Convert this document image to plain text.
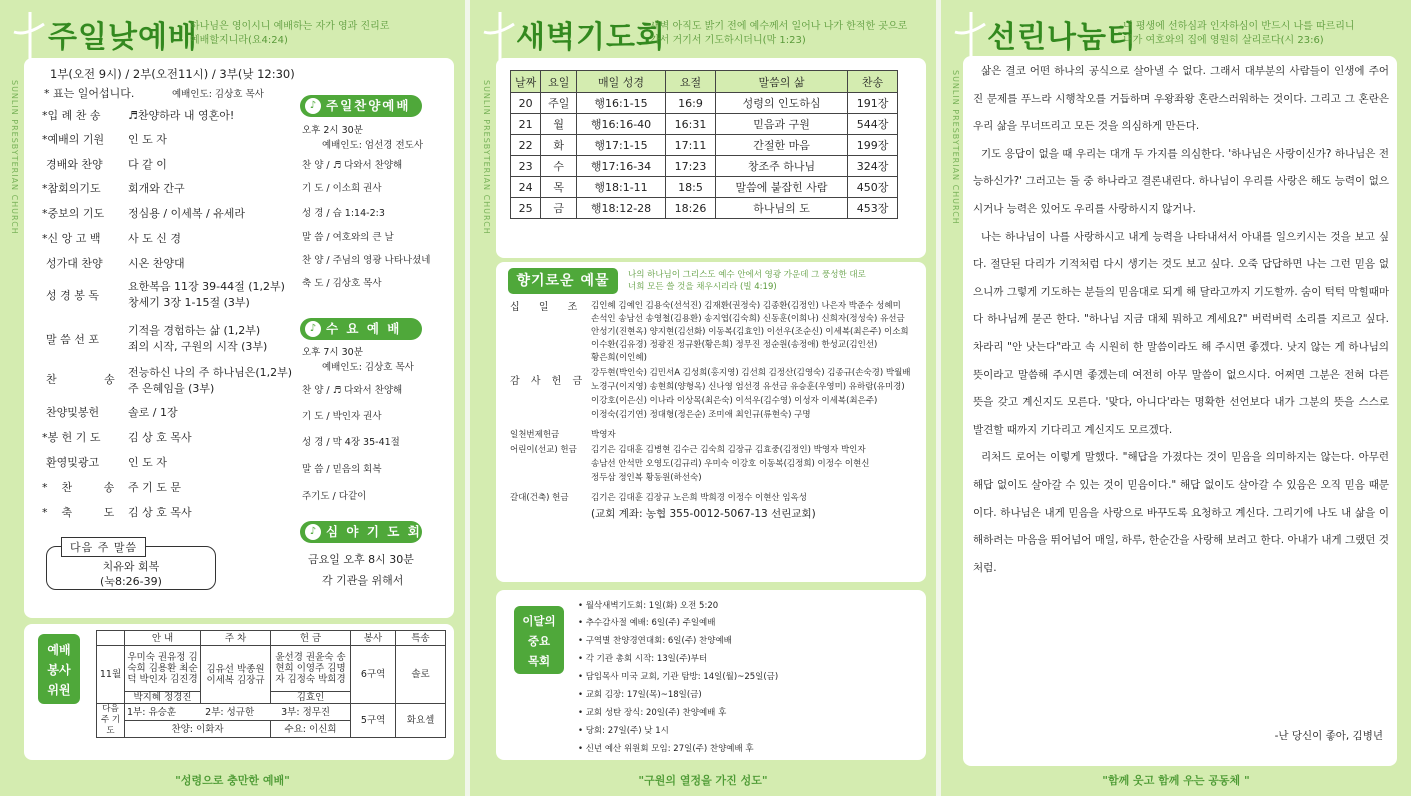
주일낮예배
하나님은 영이시니 예배하는 자가 영과 진리로
예배할지니라(요4:24)
SUNLIN PRESBYTERIAN CHURCH
1부(오전 9시) / 2부(오전11시) / 3부(낮 12:30)
* 표는 일어섭니다.	예배인도: 김상호 목사
*입 례 찬 송	♬찬양하라 내 영혼아!
*예배의 기원 인 도 자
경배와 찬양 다 같 이
*참회의기도 회개와 간구
*중보의 기도 정심용 / 이세복 / 유세라
*신 앙 고 백	사 도 신 경
성가대 찬양 시온 찬양대
성 경 봉 독
요한복음 11장 39-44절 (1,2부)
창세기 3장 1-15절 (3부)
말 씀 선 포
기적을 경험하는 삶 (1,2부)
죄의 시작, 구원의 시작 (3부)
찬 송
전능하신 나의 주 하나님은(1,2부)
주 은혜임을 (3부)
찬양및봉헌	솔로 / 1장
*봉 헌 기 도	김 상 호 목사
환영및광고	인 도 자
*찬 송 주 기 도 문
*축 도 김 상 호 목사
다음 주 말씀
치유와 회복
(눅8:26-39)
♪ 주일찬양예배
오후 2시 30분
예배인도: 엄선경 전도사
찬 양 / ♬ 다와서 찬양해
기 도 / 이소희 권사
성 경 / 습 1:14-2:3
말 씀 / 여호와의 큰 날
찬 양 / 주님의 영광 나타나셨네
축 도 / 김상호 목사
♪ 수 요 예 배
오후 7시 30분
예배인도: 김상호 목사
찬 양 / ♬ 다와서 찬양해
기 도 / 박인자 권사
성 경 / 막 4장 35-41절
말 씀 / 믿음의 회복
주기도 / 다같이
♪ 심 야 기 도 회
금요일 오후 8시 30분
각 기관을 위해서
예배
봉사
위원
	안 내	주 차	헌 금	봉사	특송
11월	우미숙 권유정 김숙희 김용환 최순덕 박인자 김진경	김유선 박종원 이세복 김장규	윤선경 권윤숙 송현희 이영주 김명자 김정숙 박희경	6구역	솔로
	박지혜 정경진		김효인		
다음주 기 도	1부: 유승훈 2부: 성규한 3부: 정무진			5구역	화요셀
	찬양: 이화자		수요: 이신희		
"성령으로 충만한 예배"
새벽기도회
새벽 아직도 밝기 전에 예수께서 일어나 나가 한적한 곳으로
가서 거기서 기도하시더니(막 1:23)
SUNLIN PRESBYTERIAN CHURCH 날짜	요일	매일 성경	요절	말씀의 삶	찬송
20	주일	행16:1-15	16:9	성령의 인도하심	191장
21	월	행16:16-40	16:31	믿음과 구원	544장
22	화	행17:1-15	17:11	간절한 마음	199장
23	수	행17:16-34	17:23	창조주 하나님	324장
24	목	행18:1-11	18:5	말씀에 붙잡힌 사람	450장
25	금	행18:12-28	18:26	하나님의 도	453장
향기로운 예물	나의 하나님이 그리스도 예수 안에서 영광 가운데 그 풍성한 대로
너희 모든 쓸 것을 채우시리라 (빌 4:19)
십 일 조 김인혜 김예인 김용숙(선석진) 김재환(권정숙) 김종환(김정인) 나은자 박준수 성혜미
손석인 송남선 송영철(김용환) 송지엽(김숙희) 신동훈(이희나) 신희자(정성숙) 유선금
안성기(진현옥) 양지현(김선화) 이동복(김효인) 이선우(조순신) 이세복(최은주) 이소희
이수환(김유경) 정광진 정규환(황은희) 정무진 정순원(송정애) 한성교(김인선)
황은희(이인혜)
감 사 헌 금
강두현(박인숙) 김민서A 김성희(홍지영) 김선희 김정산(김영숙) 김종규(손숙경) 박월배
노경구(이지영) 송현희(양형옥) 신나영 엄선경 유선금 유승훈(우영미) 유하람(유미경)
이강호(이은신) 이나라 이상목(최은숙) 이석우(김수영) 이성자 이세복(최은주)
이정숙(김기연) 정대형(정은순) 조미애 최인규(류현숙) 구명
일천번제헌금	박영자
어린이(선교) 헌금 김기은 김대훈 김병현 김수근 김숙희 김장규 김효중(김정인) 박영자 박인자
송남선 안석만 오영도(김규리) 우미숙 이강호 이동복(김정희) 이정수 이현신
정두삼 정인복 황동원(하선숙)
갈대(건축) 헌금	김기은 김대훈 김장규 노은희 박희경 이정수 이현산 임옥성
(교회 계좌: 농협 355-0012-5067-13 선린교회)
이달의
중요
목회
• 월삭새벽기도회: 1일(화) 오전 5:20
• 추수감사절 예배: 6일(주) 주일예배
• 구역별 찬양경연대회: 6일(주) 찬양예배
• 각 기관 총회 시작: 13일(주)부터
• 담임목사 미국 교회, 기관 탐방: 14일(월)~25일(금)
• 교회 김장: 17일(목)~18일(금)
• 교회 성탄 장식: 20일(주) 찬양예배 후
• 당회: 27일(주) 낮 1시
• 신년 예산 위원회 모임: 27일(주) 찬양예배 후
"구원의 열정을 가진 성도"
선린나눔터
내 평생에 선하심과 인자하심이 반드시 나를 따르리니
내가 여호와의 집에 영원히 살리로다(시 23:6)
SUNLIN PRESBYTERIAN CHURCH	삶은 결코 어떤 하나의 공식으로 살아낼 수 없다. 그래서 대부분의 사람들이 인생에 주어진 문제를 푸느라 시행착오를 거듭하며 우왕좌왕 혼란스러워하는 것이다. 그리고 그 혼란은 우리 삶을 무너뜨리고 모든 것을 의심하게 만든다.

기도 응답이 없을 때 우리는 대개 두 가지를 의심한다. '하나님은 사랑이신가? 하나님은 전능하신가?' 그러고는 둘 중 하나라고 결론내린다. 하나님이 우리를 사랑은 해도 능력이 없으시거나 능력은 있어도 우리를 사랑하시지 않거나.

나는 하나님이 나를 사랑하시고 내게 능력을 나타내셔서 아내를 일으키시는 것을 보고 싶다. 절단된 다리가 기적처럼 다시 생기는 것도 보고 싶다. 오죽 답답하면 나는 그런 믿음 없으니까 그렇게 기도하는 분들의 믿음대로 되게 해 달라고까지 기도할까. 숨이 턱턱 막힐때마다 하나님께 묻곤 한다. "하나님 지금 대체 뭐하고 계세요?" 버럭버럭 소리를 지르고 싶다. 차라리 "안 낫는다"라고 속 시원히 한 말씀이라도 해 주시면 좋겠다. 낫지 않는 게 하나님의 뜻이라고 말씀해 주시면 좋겠는데 여전히 아무 말씀이 없으시다. 어쩌면 그분은 전혀 다른 뜻을 갖고 계신지도 모른다. '맞다, 아니다'라는 명확한 선언보다 내가 그분의 뜻을 스스로 발견할 때까지 기다리고 계신지도 모르겠다.

리처드 로어는 이렇게 말했다. "해답을 가졌다는 것이 믿음을 의미하지는 않는다. 아무런 해답 없이도 살아갈 수 있는 것이 믿음이다." 해답 없이도 살아갈 수 있음은 오직 믿음 때문이다. 하나님은 내게 믿음을 사랑으로 바꾸도록 요청하고 계신다. 그리기에 나도 내 삶을 이해하려는 마음을 뛰어넘어 매일, 하루, 한순간을 사랑해 보려고 한다. 아내가 내게 그랬던 것처럼.

-난 당신이 좋아, 김병년
"함께 웃고 함께 우는 공동체 "
